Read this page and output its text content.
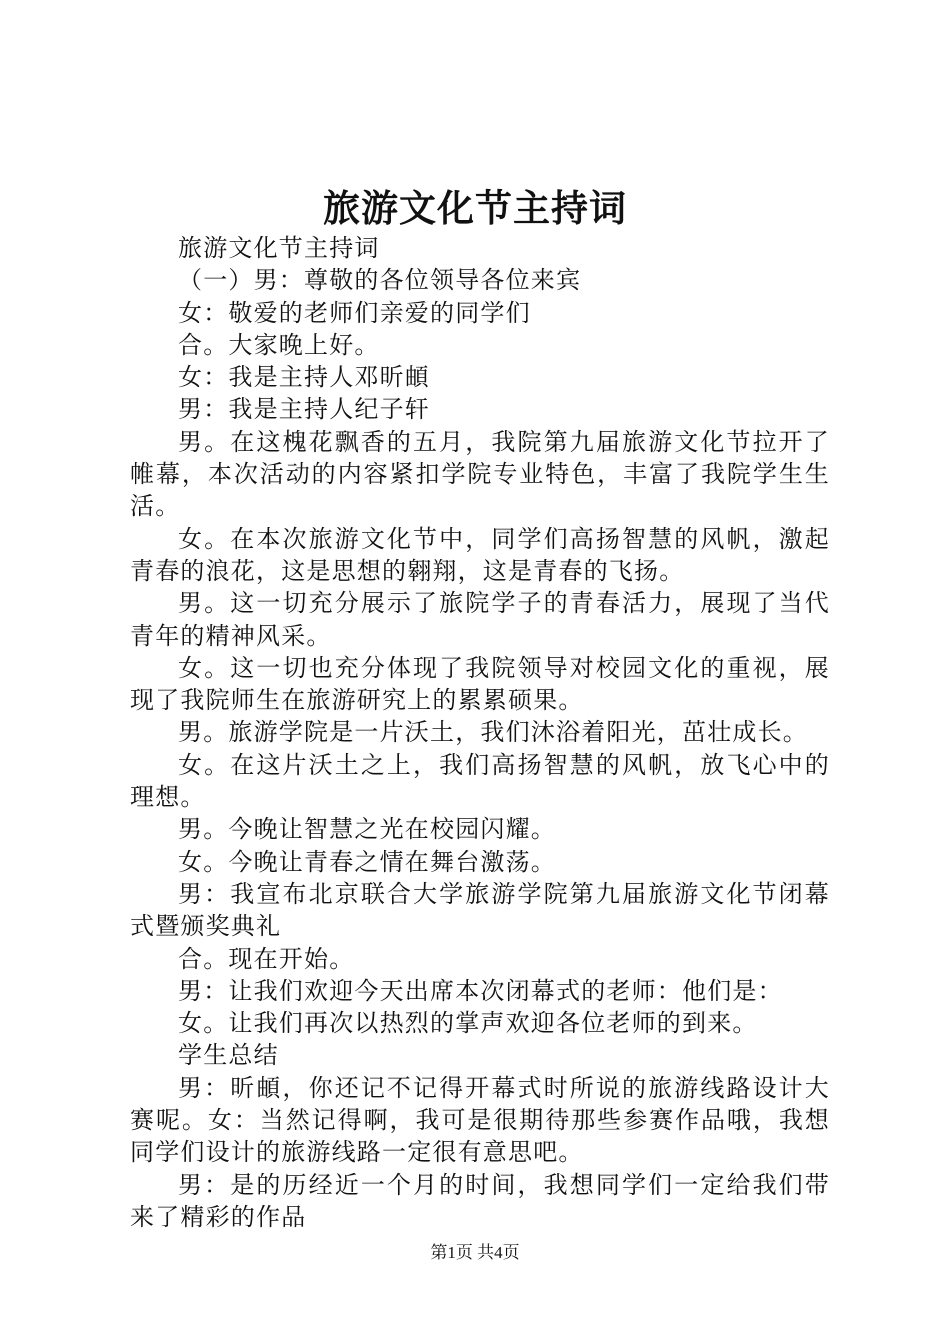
旅游文化节主持词

旅游文化节主持词

（一）男：尊敬的各位领导各位来宾

女：敬爱的老师们亲爱的同学们

合。大家晚上好。

女：我是主持人邓昕頔

男：我是主持人纪子轩

男。在这槐花飘香的五月，我院第九届旅游文化节拉开了帷幕，本次活动的内容紧扣学院专业特色，丰富了我院学生生活。

女。在本次旅游文化节中，同学们高扬智慧的风帆，激起青春的浪花，这是思想的翱翔，这是青春的飞扬。

男。这一切充分展示了旅院学子的青春活力，展现了当代青年的精神风采。

女。这一切也充分体现了我院领导对校园文化的重视，展现了我院师生在旅游研究上的累累硕果。

男。旅游学院是一片沃土，我们沐浴着阳光，茁壮成长。

女。在这片沃土之上，我们高扬智慧的风帆，放飞心中的理想。

男。今晚让智慧之光在校园闪耀。

女。今晚让青春之情在舞台激荡。

男：我宣布北京联合大学旅游学院第九届旅游文化节闭幕式暨颁奖典礼

合。现在开始。

男：让我们欢迎今天出席本次闭幕式的老师：他们是：

女。让我们再次以热烈的掌声欢迎各位老师的到来。

学生总结

男：昕頔，你还记不记得开幕式时所说的旅游线路设计大赛呢。女：当然记得啊，我可是很期待那些参赛作品哦，我想同学们设计的旅游线路一定很有意思吧。

男：是的历经近一个月的时间，我想同学们一定给我们带来了精彩的作品

第1页 共4页
